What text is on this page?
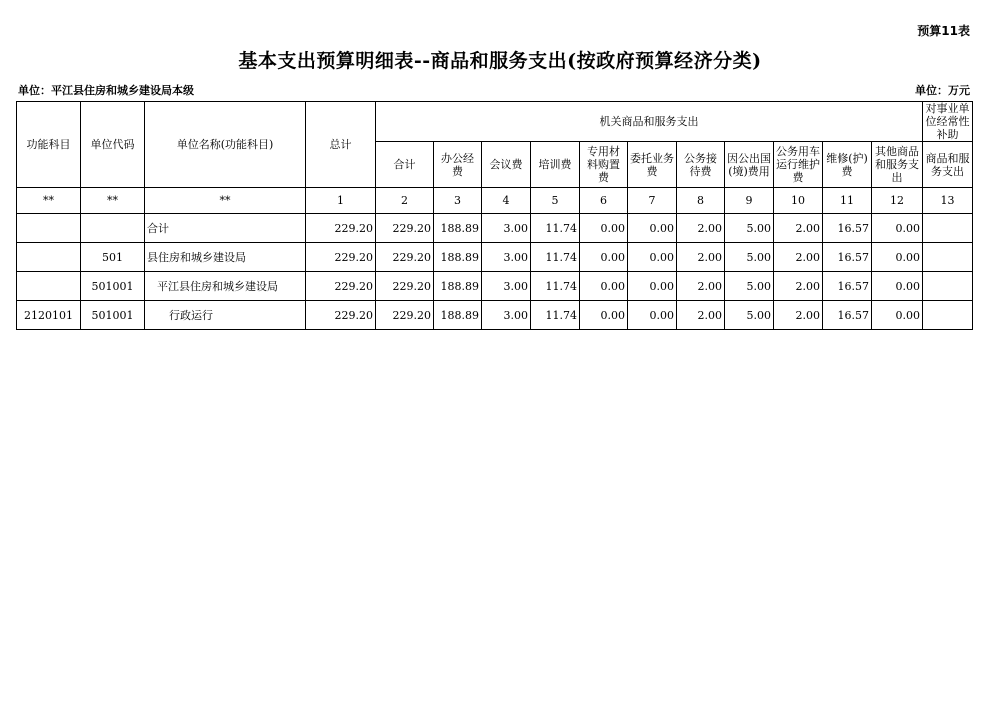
预算11表
基本支出预算明细表--商品和服务支出(按政府预算经济分类)
单位：平江县住房和城乡建设局本级	单位：万元
功能科目	单位代码	单位名称(功能科目)	总计	机关商品和服务支出											对事业单位经常性补助
				合计	办公经费	会议费	培训费	专用材料购置费	委托业务费	公务接待费	因公出国(境)费用	公务用车运行维护费	维修(护)费	其他商品和服务支出	商品和服务支出
**	**	**	1	2	3	4	5	6	7	8	9	10	11	12	13
		合计	229.20	229.20	188.89	3.00	11.74	0.00	0.00	2.00	5.00	2.00	16.57	0.00	
	501	县住房和城乡建设局	229.20	229.20	188.89	3.00	11.74	0.00	0.00	2.00	5.00	2.00	16.57	0.00	
	501001	平江县住房和城乡建设局	229.20	229.20	188.89	3.00	11.74	0.00	0.00	2.00	5.00	2.00	16.57	0.00	
2120101	501001	行政运行	229.20	229.20	188.89	3.00	11.74	0.00	0.00	2.00	5.00	2.00	16.57	0.00	
